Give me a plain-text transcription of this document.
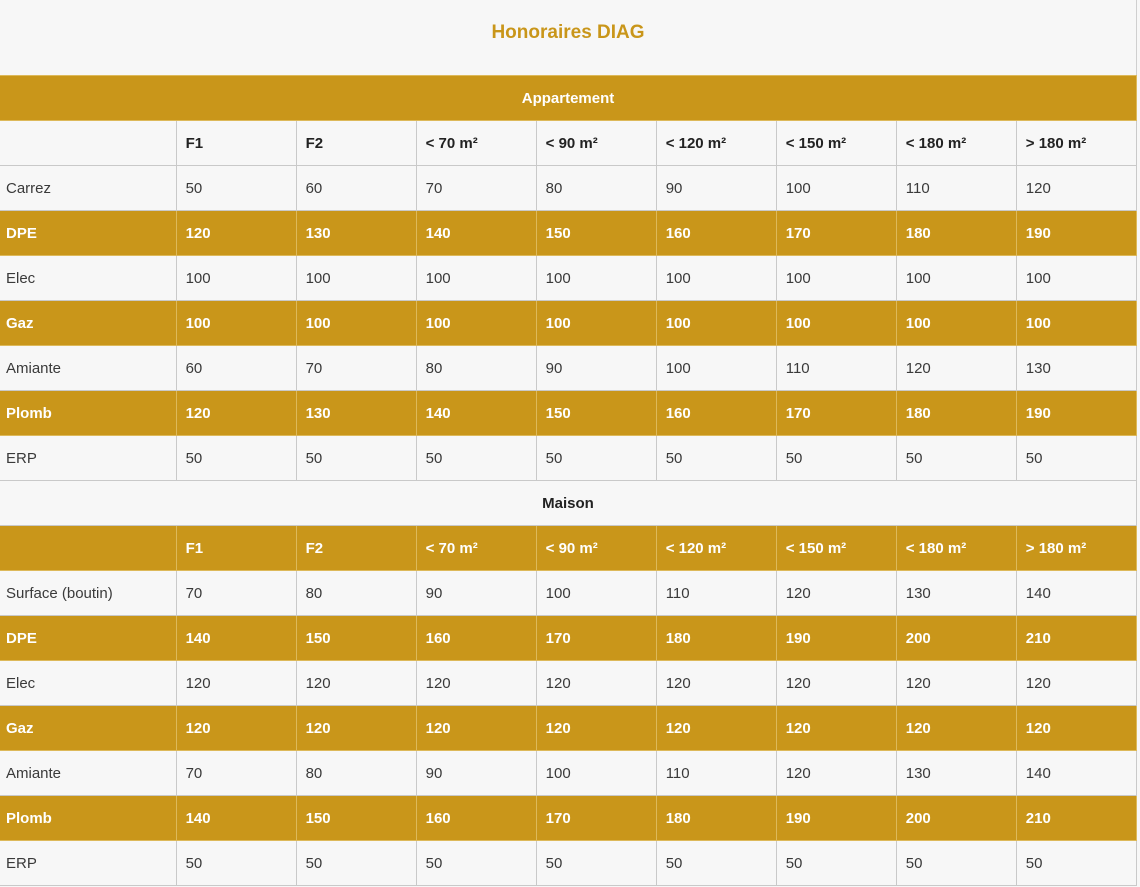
Honoraires DIAG
Appartement								
	F1	F2	< 70 m²	< 90 m²	< 120 m²	< 150 m²	< 180 m²	> 180 m²
Carrez	50	60	70	80	90	100	110	120
DPE	120	130	140	150	160	170	180	190
Elec	100	100	100	100	100	100	100	100
Gaz	100	100	100	100	100	100	100	100
Amiante	60	70	80	90	100	110	120	130
Plomb	120	130	140	150	160	170	180	190
ERP	50	50	50	50	50	50	50	50
Maison								
	F1	F2	< 70 m²	< 90 m²	< 120 m²	< 150 m²	< 180 m²	> 180 m²
Surface (boutin)	70	80	90	100	110	120	130	140
DPE	140	150	160	170	180	190	200	210
Elec	120	120	120	120	120	120	120	120
Gaz	120	120	120	120	120	120	120	120
Amiante	70	80	90	100	110	120	130	140
Plomb	140	150	160	170	180	190	200	210
ERP	50	50	50	50	50	50	50	50
